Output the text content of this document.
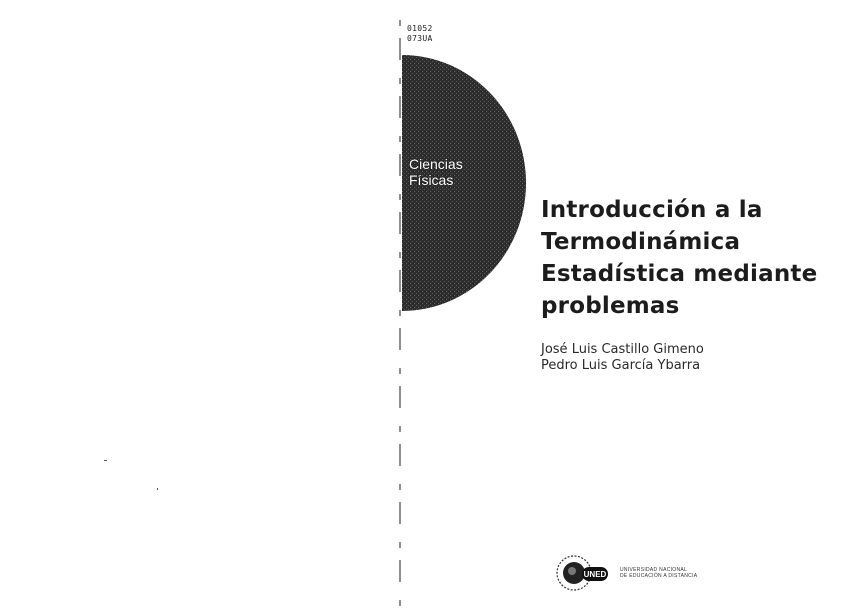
01052
073UA
Ciencias
Físicas
Introducción a la
Termodinámica
Estadística mediante
problemas
José Luis Castillo Gimeno
Pedro Luis García Ybarra
UNED	UNIVERSIDAD NACIONAL
DE EDUCACIÓN A DISTANCIA
